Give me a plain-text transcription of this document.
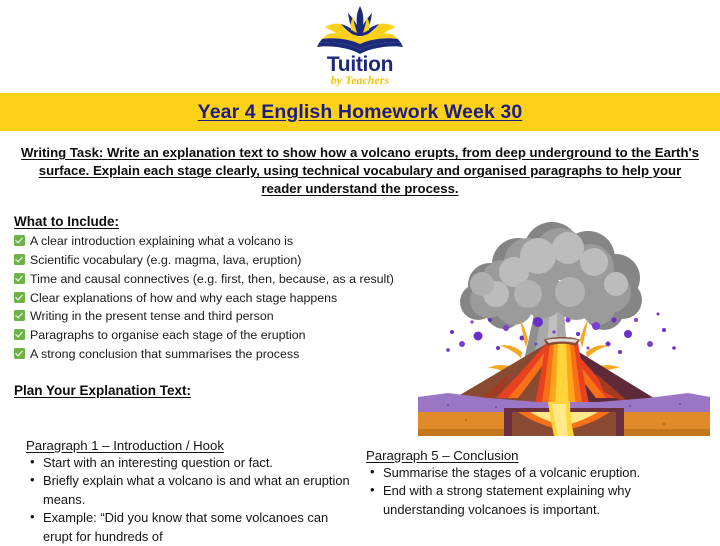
Tuition
by Teachers
Year 4 English Homework Week 30

Writing Task: Write an explanation text to show how a volcano erupts, from deep underground to the Earth's surface. Explain each stage clearly, using technical vocabulary and organised paragraphs to help your reader understand the process.

What to Include:
A clear introduction explaining what a volcano is
Scientific vocabulary (e.g. magma, lava, eruption)
Time and causal connectives (e.g. first, then, because, as a result)
Clear explanations of how and why each stage happens
Writing in the present tense and third person
Paragraphs to organise each stage of the eruption
A strong conclusion that summarises the process
Plan Your Explanation Text:
Paragraph 1 – Introduction / Hook
• Start with an interesting question or fact.
• Briefly explain what a volcano is and what an eruption means.
• Example: “Did you know that some volcanoes can erupt for hundreds of
Paragraph 5 – Conclusion
• Summarise the stages of a volcanic eruption.
• End with a strong statement explaining why understanding volcanoes is important.
